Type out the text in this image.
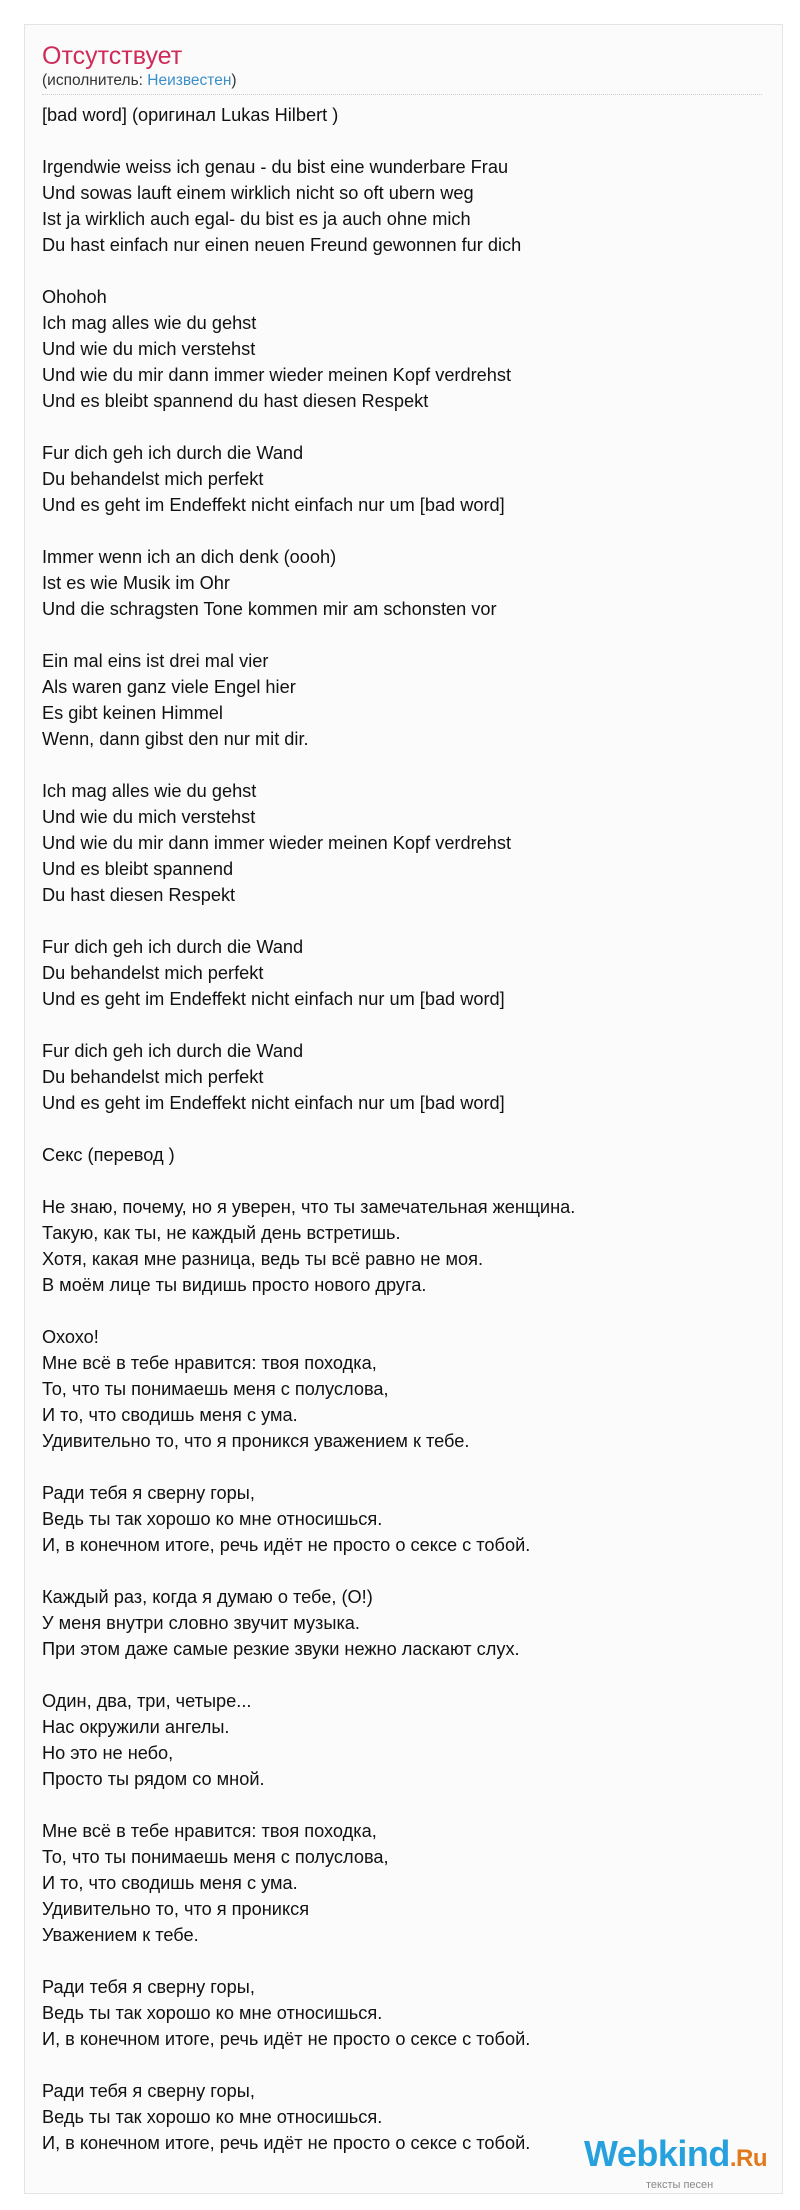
Отсутствует
(исполнитель: Неизвестен)
[bad word] (оригинал Lukas Hilbert )
Irgendwie weiss ich genau - du bist eine wunderbare Frau
Und sowas lauft einem wirklich nicht so oft ubern weg
Ist ja wirklich auch egal- du bist es ja auch ohne mich
Du hast einfach nur einen neuen Freund gewonnen fur dich
Ohohoh
Ich mag alles wie du gehst
Und wie du mich verstehst
Und wie du mir dann immer wieder meinen Kopf verdrehst
Und es bleibt spannend du hast diesen Respekt
Fur dich geh ich durch die Wand
Du behandelst mich perfekt
Und es geht im Endeffekt nicht einfach nur um [bad word]
Immer wenn ich an dich denk (oooh)
Ist es wie Musik im Ohr
Und die schragsten Tone kommen mir am schonsten vor
Ein mal eins ist drei mal vier
Als waren ganz viele Engel hier
Es gibt keinen Himmel
Wenn, dann gibst den nur mit dir.
Ich mag alles wie du gehst
Und wie du mich verstehst
Und wie du mir dann immer wieder meinen Kopf verdrehst
Und es bleibt spannend
Du hast diesen Respekt
Fur dich geh ich durch die Wand
Du behandelst mich perfekt
Und es geht im Endeffekt nicht einfach nur um [bad word]
Fur dich geh ich durch die Wand
Du behandelst mich perfekt
Und es geht im Endeffekt nicht einfach nur um [bad word]
Секс (перевод )
Не знаю, почему, но я уверен, что ты замечательная женщина.
Такую, как ты, не каждый день встретишь.
Хотя, какая мне разница, ведь ты всё равно не моя.
В моём лице ты видишь просто нового друга.
Охохо!
Мне всё в тебе нравится: твоя походка,
То, что ты понимаешь меня с полуслова,
И то, что сводишь меня с ума.
Удивительно то, что я проникся уважением к тебе.
Ради тебя я сверну горы,
Ведь ты так хорошо ко мне относишься.
И, в конечном итоге, речь идёт не просто о сексе с тобой.
Каждый раз, когда я думаю о тебе, (О!)
У меня внутри словно звучит музыка.
При этом даже самые резкие звуки нежно ласкают слух.
Один, два, три, четыре...
Нас окружили ангелы.
Но это не небо,
Просто ты рядом со мной.
Мне всё в тебе нравится: твоя походка,
То, что ты понимаешь меня с полуслова,
И то, что сводишь меня с ума.
Удивительно то, что я проникся
Уважением к тебе.
Ради тебя я сверну горы,
Ведь ты так хорошо ко мне относишься.
И, в конечном итоге, речь идёт не просто о сексе с тобой.
Ради тебя я сверну горы,
Ведь ты так хорошо ко мне относишься.
И, в конечном итоге, речь идёт не просто о сексе с тобой.	Webkind.Ru
тексты песен
